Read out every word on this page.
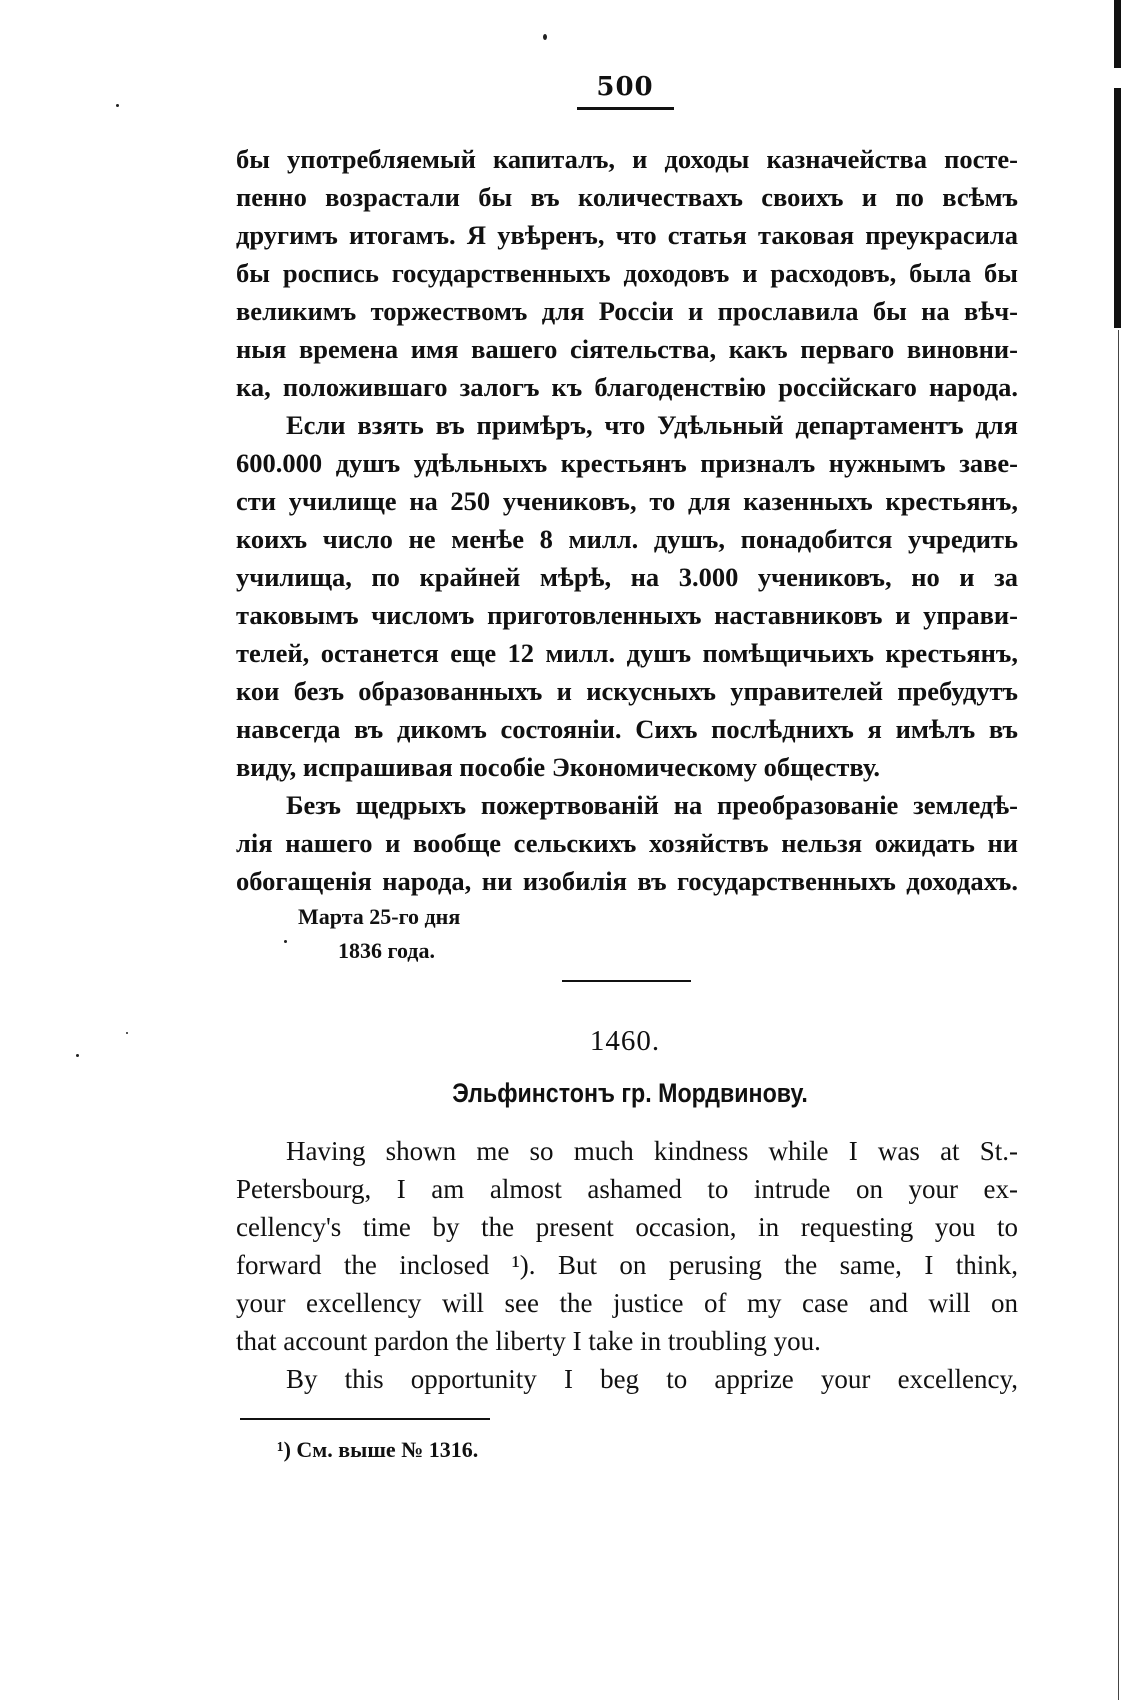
500
бы употребляемый капиталъ, и доходы казначейства посте-
пенно возрастали бы въ количествахъ своихъ и по всѣмъ
другимъ итогамъ. Я увѣренъ, что статья таковая преукрасила
бы роспись государственныхъ доходовъ и расходовъ, была бы
великимъ торжествомъ для Россіи и прославила бы на вѣч-
ныя времена имя вашего сіятельства, какъ перваго виновни-
ка, положившаго залогъ къ благоденствію россійскаго народа.
Если взять въ примѣръ, что Удѣльный департаментъ для
600.000 душъ удѣльныхъ крестьянъ призналъ нужнымъ заве-
сти училище на 250 учениковъ, то для казенныхъ крестьянъ,
коихъ число не менѣе 8 милл. душъ, понадобится учредить
училища, по крайней мѣрѣ, на 3.000 учениковъ, но и за
таковымъ числомъ приготовленныхъ наставниковъ и управи-
телей, останется еще 12 милл. душъ помѣщичьихъ крестьянъ,
кои безъ образованныхъ и искусныхъ управителей пребудутъ
навсегда въ дикомъ состояніи. Сихъ послѣднихъ я имѣлъ въ
виду, испрашивая пособіе Экономическому обществу.
Безъ щедрыхъ пожертвованій на преобразованіе земледѣ-
лія нашего и вообще сельскихъ хозяйствъ нельзя ожидать ни
обогащенія народа, ни изобилія въ государственныхъ доходахъ.
Марта 25-го дня
1836 года.
1460.
Эльфинстонъ гр. Мордвинову.
Having shown me so much kindness while I was at St.-
Petersbourg, I am almost ashamed to intrude on your ex-
cellency's time by the present occasion, in requesting you to
forward the inclosed ¹). But on perusing the same, I think,
your excellency will see the justice of my case and will on
that account pardon the liberty I take in troubling you.
By this opportunity I beg to apprize your excellency,
¹) См. выше № 1316.
